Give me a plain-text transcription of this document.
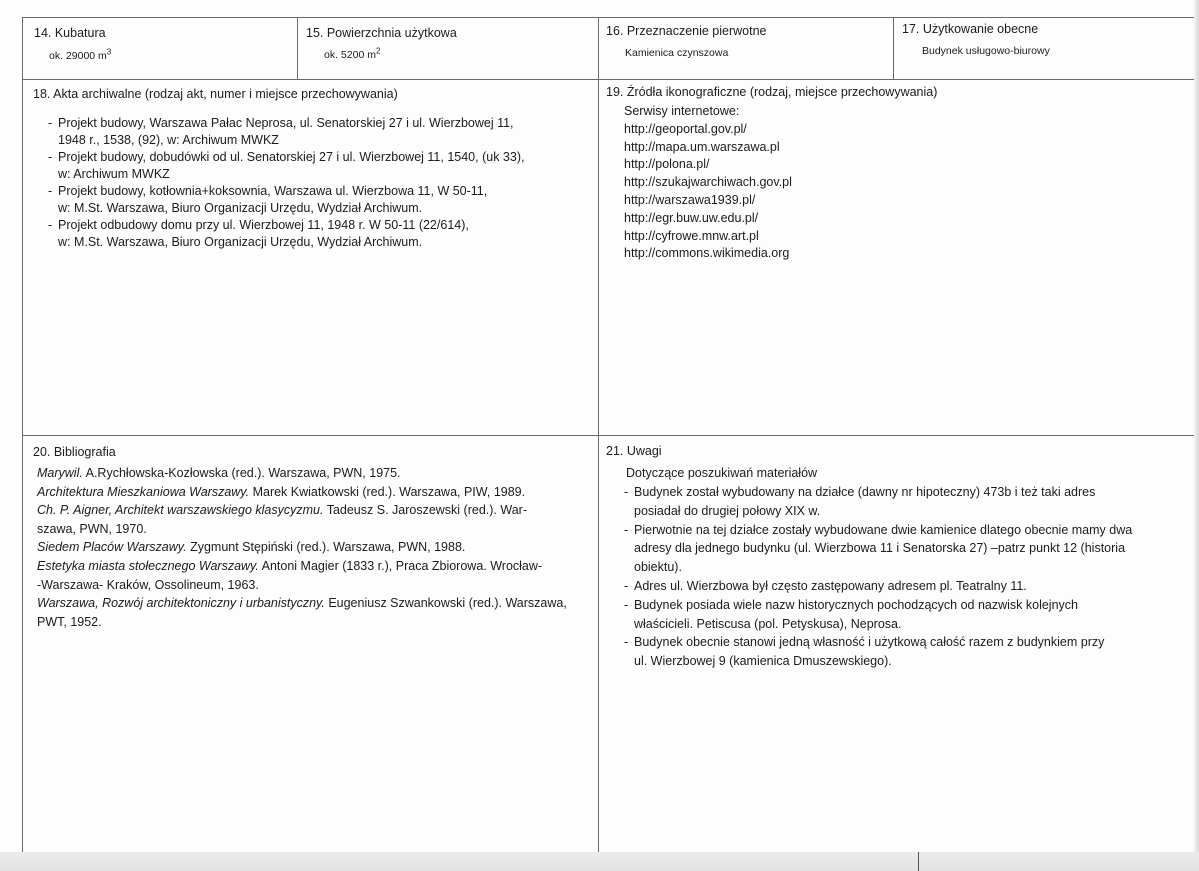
14. Kubatura
ok. 29000 $m^3$
15. Powierzchnia użytkowa
ok. 5200 $m^2$
16. Przeznaczenie pierwotne
Kamienica czynszowa
17. Użytkowanie obecne
Budynek usługowo-biurowy
18. Akta archiwalne (rodzaj akt, numer i miejsce przechowywania)
- Projekt budowy, Warszawa Pałac Neprosa, ul. Senatorskiej 27 i ul. Wierzbowej 11,
1948 r., 1538, (92), w: Archiwum MWKZ
- Projekt budowy, dobudówki od ul. Senatorskiej 27 i ul. Wierzbowej 11, 1540, (uk 33),
w: Archiwum MWKZ
- Projekt budowy, kotłownia+koksownia, Warszawa ul. Wierzbowa 11, W 50-11,
w: M.St. Warszawa, Biuro Organizacji Urzędu, Wydział Archiwum.
- Projekt odbudowy domu przy ul. Wierzbowej 11, 1948 r. W 50-11 (22/614),
w: M.St. Warszawa, Biuro Organizacji Urzędu, Wydział Archiwum.
19. Źródła ikonograficzne (rodzaj, miejsce przechowywania)
Serwisy internetowe:
http://geoportal.gov.pl/
http://mapa.um.warszawa.pl
http://polona.pl/
http://szukajwarchiwach.gov.pl
http://warszawa1939.pl/
http://egr.buw.uw.edu.pl/
http://cyfrowe.mnw.art.pl
http://commons.wikimedia.org
20. Bibliografia
Marywil. A.Rychłowska-Kozłowska (red.). Warszawa, PWN, 1975.
Architektura Mieszkaniowa Warszawy. Marek Kwiatkowski (red.). Warszawa, PIW, 1989.
Ch. P. Aigner, Architekt warszawskiego klasycyzmu. Tadeusz S. Jaroszewski (red.). War-
szawa, PWN, 1970.
Siedem Placów Warszawy. Zygmunt Stępiński (red.). Warszawa, PWN, 1988.
Estetyka miasta stołecznego Warszawy. Antoni Magier (1833 r.), Praca Zbiorowa. Wrocław-
-Warszawa- Kraków, Ossolineum, 1963.
Warszawa, Rozwój architektoniczny i urbanistyczny. Eugeniusz Szwankowski (red.). Warszawa,
PWT, 1952.
21. Uwagi
Dotyczące poszukiwań materiałów
- Budynek został wybudowany na działce (dawny nr hipoteczny) 473b i też taki adres
posiadał do drugiej połowy XIX w.
- Pierwotnie na tej działce zostały wybudowane dwie kamienice dlatego obecnie mamy dwa
adresy dla jednego budynku (ul. Wierzbowa 11 i Senatorska 27) –patrz punkt 12 (historia
obiektu).
- Adres ul. Wierzbowa był często zastępowany adresem pl. Teatralny 11.
- Budynek posiada wiele nazw historycznych pochodzących od nazwisk kolejnych
właścicieli. Petiscusa (pol. Petyskusa), Neprosa.
- Budynek obecnie stanowi jedną własność i użytkową całość razem z budynkiem przy
ul. Wierzbowej 9 (kamienica Dmuszewskiego).
